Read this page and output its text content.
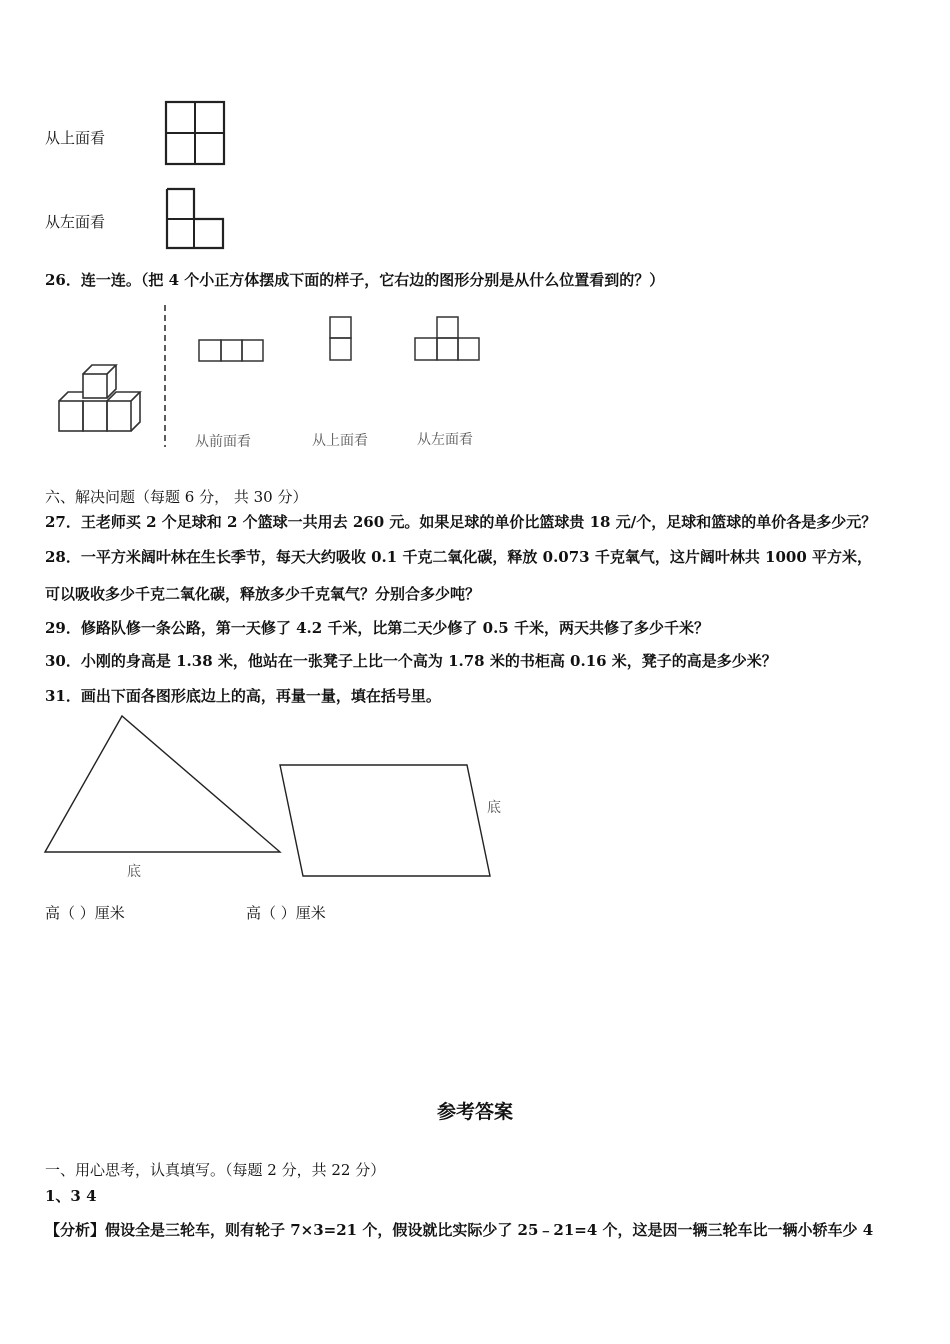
从上面看
从左面看
26．连一连。（把 4 个小正方体摆成下面的样子，它右边的图形分别是从什么位置看到的？）
从前面看	从上面看	从左面看
六、解决问题（每题 6 分， 共 30 分）
27．王老师买 2 个足球和 2 个篮球一共用去 260 元。如果足球的单价比篮球贵 18 元/个，足球和篮球的单价各是多少元？
28．一平方米阔叶林在生长季节，每天大约吸收 0.1 千克二氧化碳，释放 0.073 千克氧气，这片阔叶林共 1000 平方米，
可以吸收多少千克二氧化碳，释放多少千克氧气？分别合多少吨？
29．修路队修一条公路，第一天修了 4.2 千米，比第二天少修了 0.5 千米，两天共修了多少千米？
30．小刚的身高是 1.38 米，他站在一张凳子上比一个高为 1.78 米的书柜高 0.16 米，凳子的高是多少米？
31．画出下面各图形底边上的高，再量一量，填在括号里。
底
底
高（ ）厘米	高（ ）厘米
参考答案
一、用心思考，认真填写。（每题 2 分，共 22 分）
1、3 4
【分析】假设全是三轮车，则有轮子 7×3=21 个，假设就比实际少了 25﹣21=4 个，这是因一辆三轮车比一辆小轿车少 4
